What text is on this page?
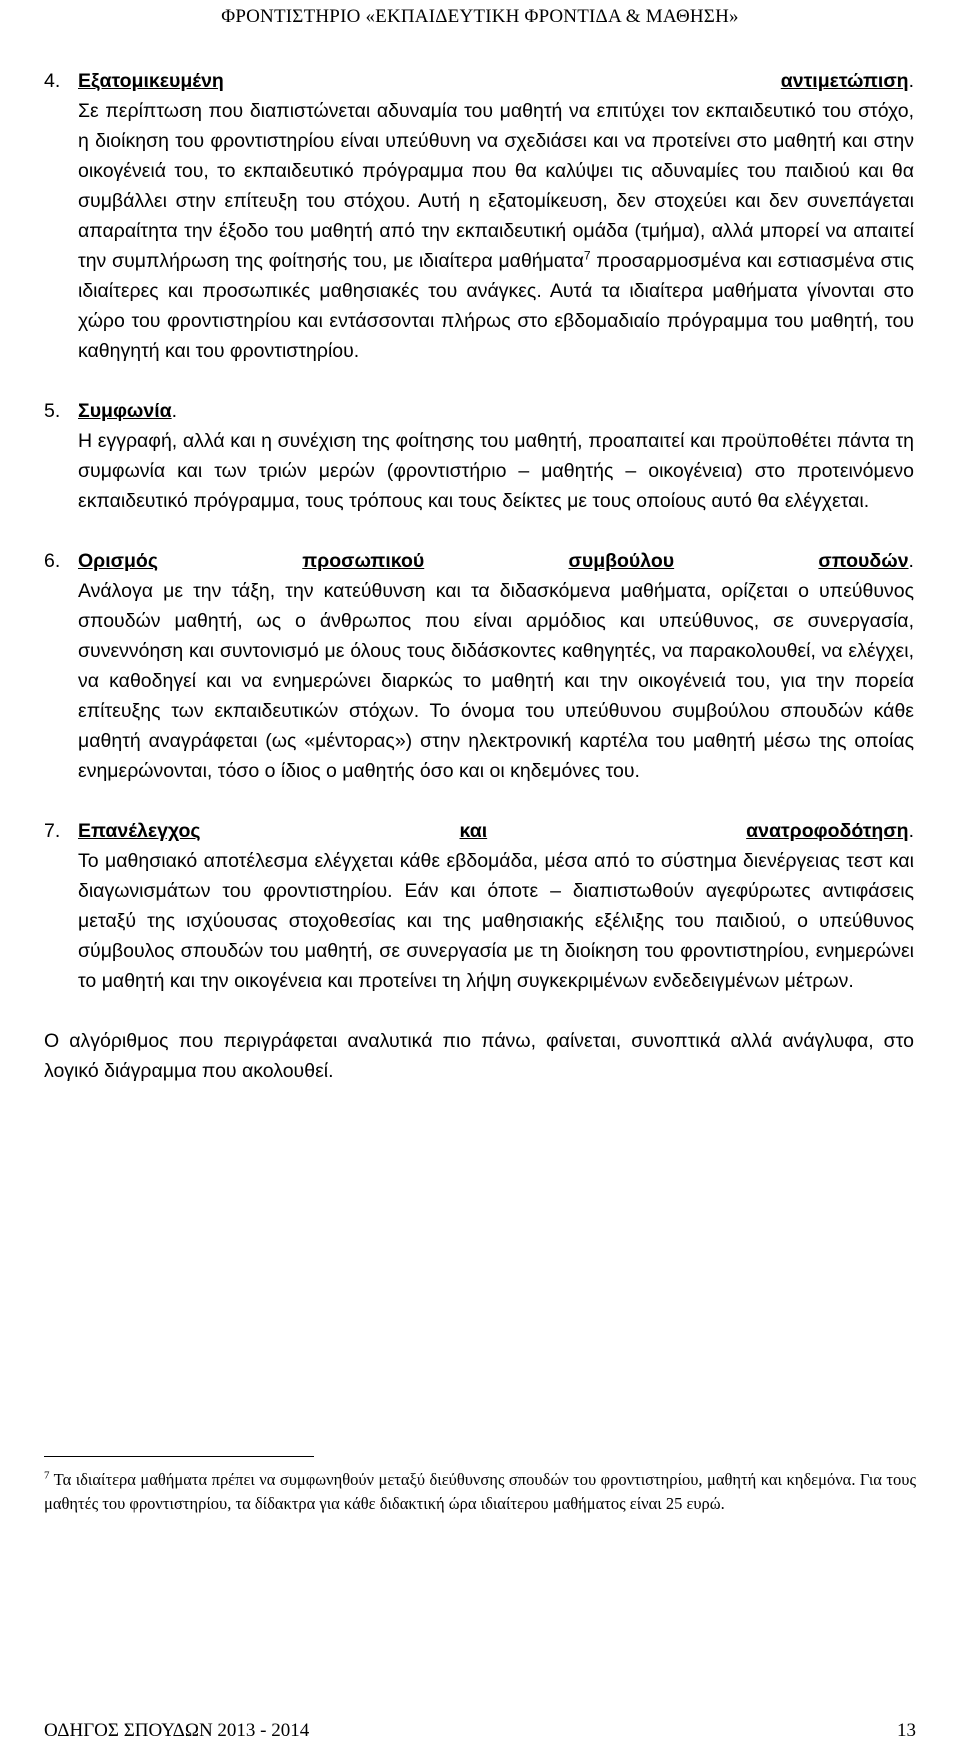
ΦΡΟΝΤΙΣΤΗΡΙΟ «ΕΚΠΑΙΔΕΥΤΙΚΗ ΦΡΟΝΤΙΔΑ & ΜΑΘΗΣΗ»
4. Εξατομικευμένη	αντιμετώπιση.

Σε περίπτωση που διαπιστώνεται αδυναμία του μαθητή να επιτύχει τον εκπαιδευτικό του στόχο, η διοίκηση του φροντιστηρίου είναι υπεύθυνη να σχεδιάσει και να προτείνει στο μαθητή και στην οικογένειά του, το εκπαιδευτικό πρόγραμμα που θα καλύψει τις αδυναμίες του παιδιού και θα συμβάλλει στην επίτευξη του στόχου. Αυτή η εξατομίκευση, δεν στοχεύει και δεν συνεπάγεται απαραίτητα την έξοδο του μαθητή από την εκπαιδευτική ομάδα (τμήμα), αλλά μπορεί να απαιτεί την συμπλήρωση της φοίτησής του, με ιδιαίτερα μαθήματα$^7$ προσαρμοσμένα και εστιασμένα στις ιδιαίτερες και προσωπικές μαθησιακές του ανάγκες. Αυτά τα ιδιαίτερα μαθήματα γίνονται στο χώρο του φροντιστηρίου και εντάσσονται πλήρως στο εβδομαδιαίο πρόγραμμα του μαθητή, του καθηγητή και του φροντιστηρίου.

5. Συμφωνία.

Η εγγραφή, αλλά και η συνέχιση της φοίτησης του μαθητή, προαπαιτεί και προϋποθέτει πάντα τη συμφωνία και των τριών μερών (φροντιστήριο – μαθητής – οικογένεια) στο προτεινόμενο εκπαιδευτικό πρόγραμμα, τους τρόπους και τους δείκτες με τους οποίους αυτό θα ελέγχεται.

6. Ορισμός	προσωπικού	συμβούλου	σπουδών.

Ανάλογα με την τάξη, την κατεύθυνση και τα διδασκόμενα μαθήματα, ορίζεται ο υπεύθυνος σπουδών μαθητή, ως ο άνθρωπος που είναι αρμόδιος και υπεύθυνος, σε συνεργασία, συνεννόηση και συντονισμό με όλους τους διδάσκοντες καθηγητές, να παρακολουθεί, να ελέγχει, να καθοδηγεί και να ενημερώνει διαρκώς το μαθητή και την οικογένειά του, για την πορεία επίτευξης των εκπαιδευτικών στόχων. Το όνομα του υπεύθυνου συμβούλου σπουδών κάθε μαθητή αναγράφεται (ως «μέντορας») στην ηλεκτρονική καρτέλα του μαθητή μέσω της οποίας ενημερώνονται, τόσο ο ίδιος ο μαθητής όσο και οι κηδεμόνες του.

7. Επανέλεγχος	και	ανατροφοδότηση.

Το μαθησιακό αποτέλεσμα ελέγχεται κάθε εβδομάδα, μέσα από το σύστημα διενέργειας τεστ και διαγωνισμάτων του φροντιστηρίου. Εάν και όποτε – διαπιστωθούν αγεφύρωτες αντιφάσεις μεταξύ της ισχύουσας στοχοθεσίας και της μαθησιακής εξέλιξης του παιδιού, ο υπεύθυνος σύμβουλος σπουδών του μαθητή, σε συνεργασία με τη διοίκηση του φροντιστηρίου, ενημερώνει το μαθητή και την οικογένεια και προτείνει τη λήψη συγκεκριμένων ενδεδειγμένων μέτρων.

Ο αλγόριθμος που περιγράφεται αναλυτικά πιο πάνω, φαίνεται, συνοπτικά αλλά ανάγλυφα, στο λογικό διάγραμμα που ακολουθεί.

$^7$ Τα ιδιαίτερα μαθήματα πρέπει να συμφωνηθούν μεταξύ διεύθυνσης σπουδών του φροντιστηρίου, μαθητή και κηδεμόνα. Για τους μαθητές του φροντιστηρίου, τα δίδακτρα για κάθε διδακτική ώρα ιδιαίτερου μαθήματος είναι 25 ευρώ.
ΟΔΗΓΟΣ ΣΠΟΥΔΩΝ 2013 - 2014	13
